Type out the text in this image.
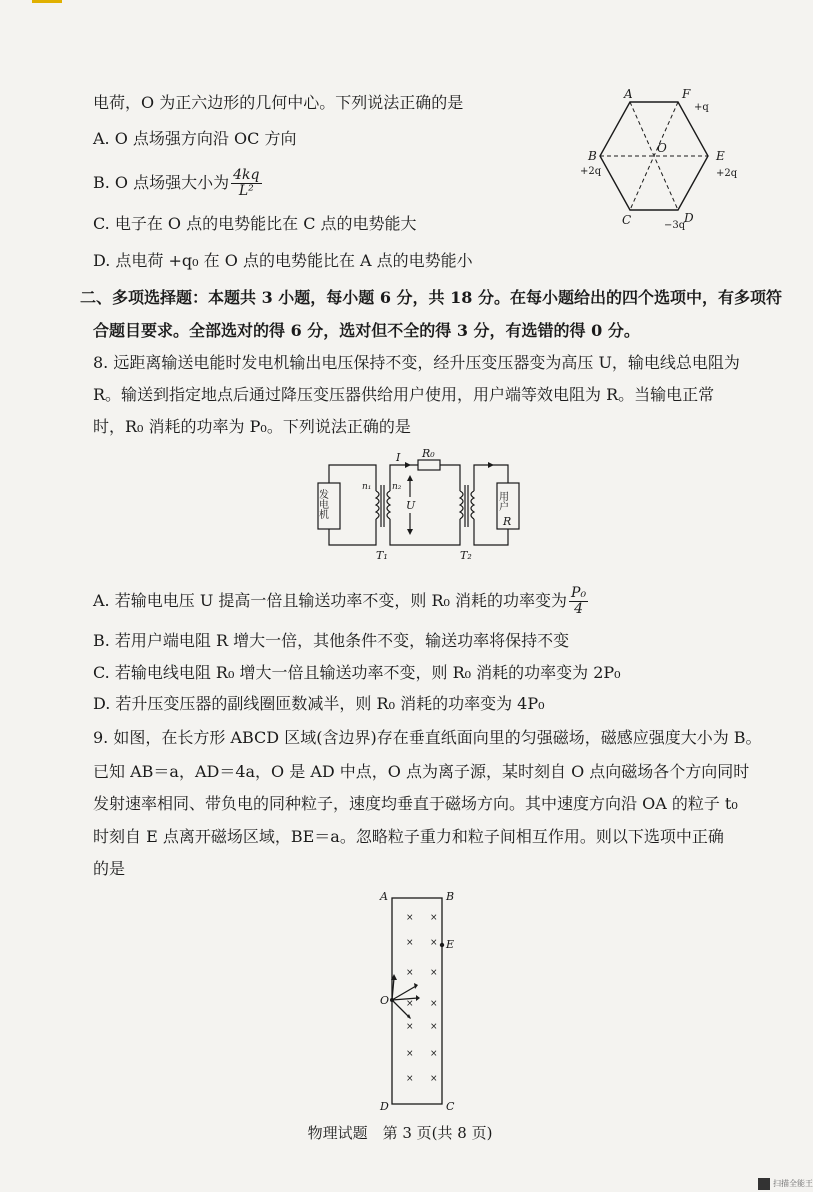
电荷，O 为正六边形的几何中心。下列说法正确的是
A. O 点场强方向沿 OC 方向
B. O 点场强大小为 $\frac{4kq}{\text{L²}}$
C. 电子在 O 点的电势能比在 C 点的电势能大
D. 点电荷 +q₀ 在 O 点的电势能比在 A 点的电势能小
A	F
+q
B
+2q
E
+2q
C	D
−3q
O
二、多项选择题：本题共 3 小题，每小题 6 分，共 18 分。在每小题给出的四个选项中，有多项符
合题目要求。全部选对的得 6 分，选对但不全的得 3 分，有选错的得 0 分。
8. 远距离输送电能时发电机输出电压保持不变，经升压变压器变为高压 U，输电线总电阻为
R。输送到指定地点后通过降压变压器供给用户使用，用户端等效电阻为 R。当输电正常
时，R₀ 消耗的功率为 P₀。下列说法正确的是
发电机	用户
R
I R₀
n₁ n₂
U
T₁	T₂
A. 若输电电压 U 提高一倍且输送功率不变，则 R₀ 消耗的功率变为 $\frac{\text{P₀}}{4}$
B. 若用户端电阻 R 增大一倍，其他条件不变，输送功率将保持不变
C. 若输电线电阻 R₀ 增大一倍且输送功率不变，则 R₀ 消耗的功率变为 2P₀
D. 若升压变压器的副线圈匝数减半，则 R₀ 消耗的功率变为 4P₀
9. 如图，在长方形 ABCD 区域(含边界)存在垂直纸面向里的匀强磁场，磁感应强度大小为 B。
已知 AB＝a，AD＝4a，O 是 AD 中点，O 点为离子源，某时刻自 O 点向磁场各个方向同时
发射速率相同、带负电的同种粒子，速度均垂直于磁场方向。其中速度方向沿 OA 的粒子 t₀
时刻自 E 点离开磁场区域，BE＝a。忽略粒子重力和粒子间相互作用。则以下选项中正确
的是
× ×
× ×
× ×
× ×
× ×
× ×
× ×
A	B
E
O
D	C
物理试题　第 3 页(共 8 页)
扫描全能王
